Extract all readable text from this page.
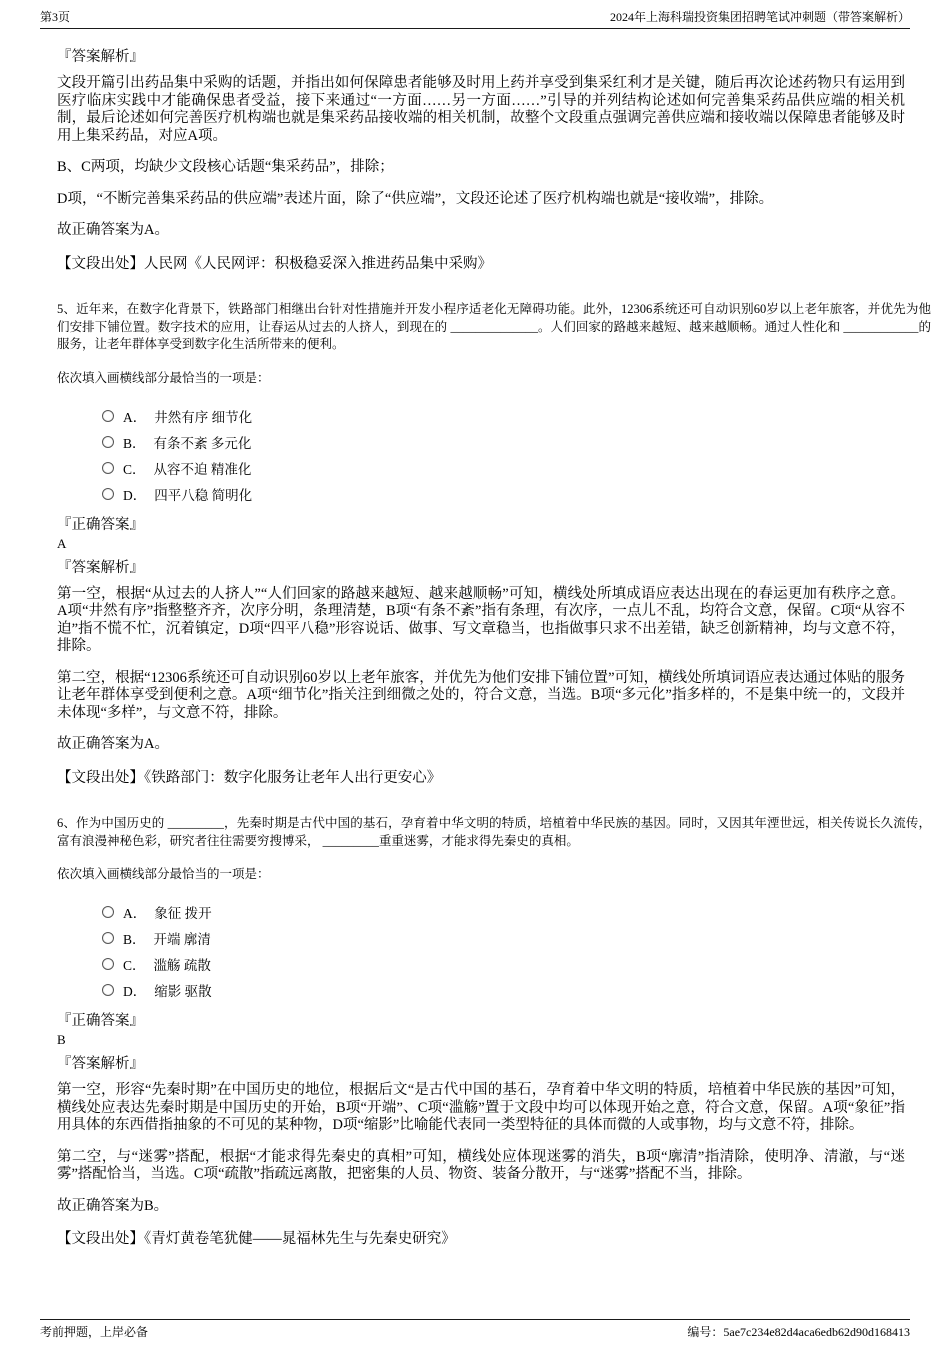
第3页	2024年上海科瑞投资集团招聘笔试冲刺题（带答案解析）

『答案解析』

文段开篇引出药品集中采购的话题，并指出如何保障患者能够及时用上药并享受到集采红利才是关键，随后再次论述药物只有运用到医疗临床实践中才能确保患者受益，接下来通过“一方面……另一方面……”引导的并列结构论述如何完善集采药品供应端的相关机制，最后论述如何完善医疗机构端也就是集采药品接收端的相关机制，故整个文段重点强调完善供应端和接收端以保障患者能够及时用上集采药品，对应A项。

B、C两项，均缺少文段核心话题“集采药品”，排除；

D项，“不断完善集采药品的供应端”表述片面，除了“供应端”，文段还论述了医疗机构端也就是“接收端”，排除。

故正确答案为A。

【文段出处】人民网《人民网评：积极稳妥深入推进药品集中采购》

5、近年来，在数字化背景下，铁路部门相继出台针对性措施并开发小程序适老化无障碍功能。此外，12306系统还可自动识别60岁以上老年旅客，并优先为他们安排下铺位置。数字技术的应用，让春运从过去的人挤人，到现在的 ______________。人们回家的路越来越短、越来越顺畅。通过人性化和 ____________的服务，让老年群体享受到数字化生活所带来的便利。

依次填入画横线部分最恰当的一项是：

A． 井然有序 细节化
B． 有条不紊 多元化
C． 从容不迫 精准化
D． 四平八稳 简明化

『正确答案』

A

『答案解析』

第一空，根据“从过去的人挤人”“人们回家的路越来越短、越来越顺畅”可知，横线处所填成语应表达出现在的春运更加有秩序之意。A项“井然有序”指整整齐齐，次序分明，条理清楚，B项“有条不紊”指有条理，有次序，一点儿不乱，均符合文意，保留。C项“从容不迫”指不慌不忙，沉着镇定，D项“四平八稳”形容说话、做事、写文章稳当，也指做事只求不出差错，缺乏创新精神，均与文意不符，排除。

第二空，根据“12306系统还可自动识别60岁以上老年旅客，并优先为他们安排下铺位置”可知，横线处所填词语应表达通过体贴的服务让老年群体享受到便利之意。A项“细节化”指关注到细微之处的，符合文意，当选。B项“多元化”指多样的，不是集中统一的，文段并未体现“多样”，与文意不符，排除。

故正确答案为A。

【文段出处】《铁路部门：数字化服务让老年人出行更安心》

6、作为中国历史的 _________，先秦时期是古代中国的基石，孕育着中华文明的特质，培植着中华民族的基因。同时，又因其年湮世远，相关传说长久流传，富有浪漫神秘色彩，研究者往往需要穷搜博采， _________重重迷雾，才能求得先秦史的真相。

依次填入画横线部分最恰当的一项是：

A． 象征 拨开
B． 开端 廓清
C． 滥觞 疏散
D． 缩影 驱散

『正确答案』

B

『答案解析』

第一空，形容“先秦时期”在中国历史的地位，根据后文“是古代中国的基石，孕育着中华文明的特质，培植着中华民族的基因”可知，横线处应表达先秦时期是中国历史的开始，B项“开端”、C项“滥觞”置于文段中均可以体现开始之意，符合文意，保留。A项“象征”指用具体的东西借指抽象的不可见的某种物，D项“缩影”比喻能代表同一类型特征的具体而微的人或事物，均与文意不符，排除。

第二空，与“迷雾”搭配，根据“才能求得先秦史的真相”可知，横线处应体现迷雾的消失，B项“廓清”指清除，使明净、清澈，与“迷雾”搭配恰当，当选。C项“疏散”指疏远离散，把密集的人员、物资、装备分散开，与“迷雾”搭配不当，排除。

故正确答案为B。

【文段出处】《青灯黄卷笔犹健——晁福林先生与先秦史研究》

考前押题，上岸必备	编号：5ae7c234e82d4aca6edb62d90d168413
